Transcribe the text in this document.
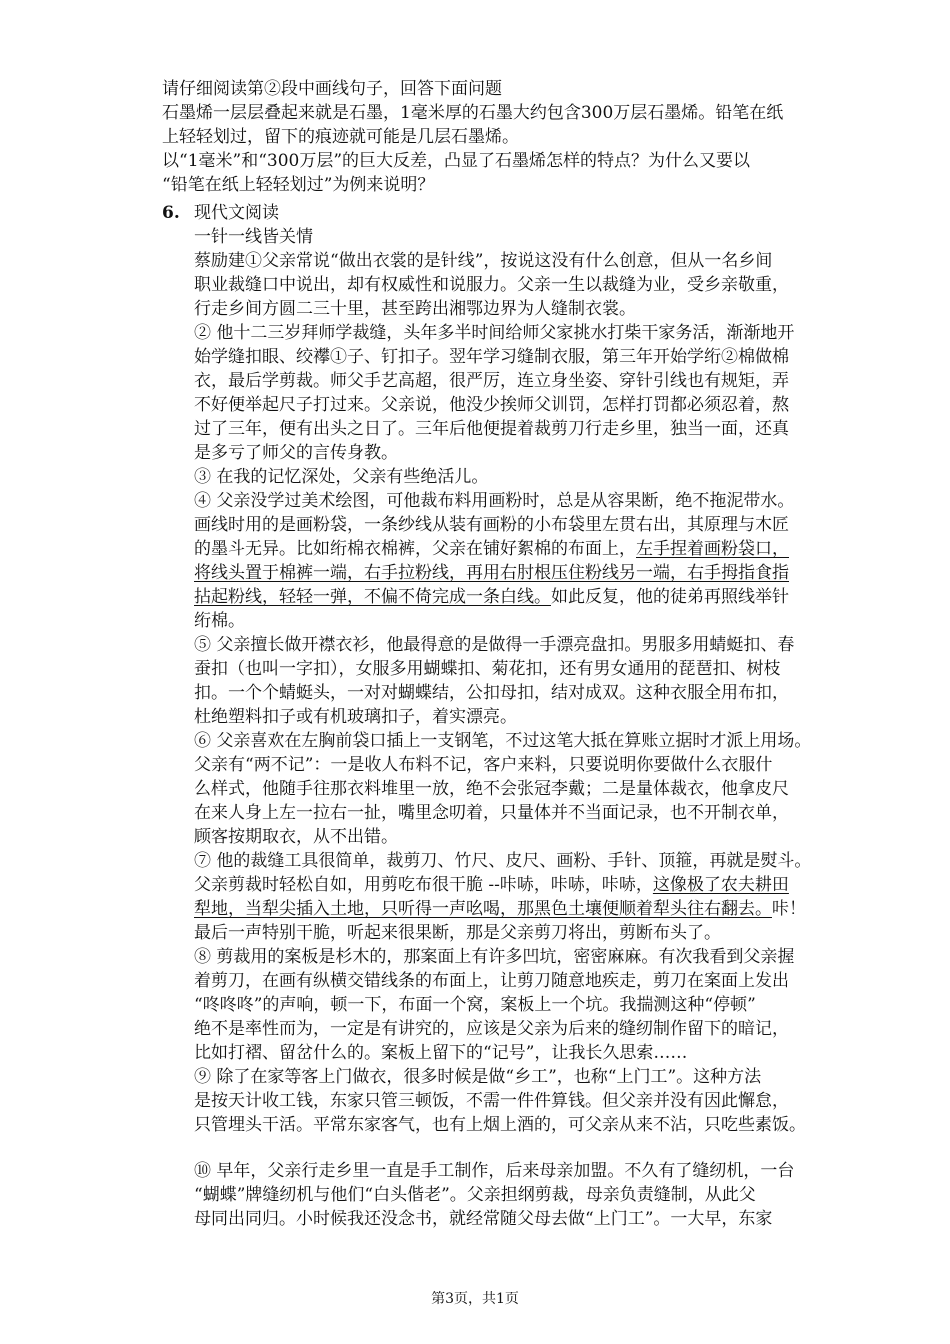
请仔细阅读第②段中画线句子，回答下面问题
石墨烯一层层叠起来就是石墨，1毫米厚的石墨大约包含300万层石墨烯。铅笔在纸
上轻轻划过，留下的痕迹就可能是几层石墨烯。
以“1毫米”和“300万层”的巨大反差，凸显了石墨烯怎样的特点？为什么又要以
“铅笔在纸上轻轻划过”为例来说明？
6. 现代文阅读
一针一线皆关情
蔡励建①父亲常说“做出衣裳的是针线”，按说这没有什么创意，但从一名乡间
职业裁缝口中说出，却有权威性和说服力。父亲一生以裁缝为业，受乡亲敬重，
行走乡间方圆二三十里，甚至跨出湘鄂边界为人缝制衣裳。
② 他十二三岁拜师学裁缝，头年多半时间给师父家挑水打柴干家务活，渐渐地开
始学缝扣眼、绞襻①子、钉扣子。翌年学习缝制衣服，第三年开始学绗②棉做棉
衣，最后学剪裁。师父手艺高超，很严厉，连立身坐姿、穿针引线也有规矩，弄
不好便举起尺子打过来。父亲说，他没少挨师父训罚，怎样打罚都必须忍着，熬
过了三年，便有出头之日了。三年后他便提着裁剪刀行走乡里，独当一面，还真
是多亏了师父的言传身教。
③ 在我的记忆深处，父亲有些绝活儿。
④ 父亲没学过美术绘图，可他裁布料用画粉时，总是从容果断，绝不拖泥带水。
画线时用的是画粉袋，一条纱线从装有画粉的小布袋里左贯右出，其原理与木匠
的墨斗无异。比如绗棉衣棉裤，父亲在铺好絮棉的布面上，左手捏着画粉袋口，
将线头置于棉裤一端，右手拉粉线，再用右肘根压住粉线另一端，右手拇指食指
拈起粉线，轻轻一弹，不偏不倚完成一条白线。如此反复，他的徒弟再照线举针
绗棉。
⑤ 父亲擅长做开襟衣衫，他最得意的是做得一手漂亮盘扣。男服多用蜻蜓扣、春
蚕扣（也叫一字扣），女服多用蝴蝶扣、菊花扣，还有男女通用的琵琶扣、树枝
扣。一个个蜻蜓头，一对对蝴蝶结，公扣母扣，结对成双。这种衣服全用布扣，
杜绝塑料扣子或有机玻璃扣子，着实漂亮。
⑥ 父亲喜欢在左胸前袋口插上一支钢笔，不过这笔大抵在算账立据时才派上用场。
父亲有“两不记”：一是收人布料不记，客户来料，只要说明你要做什么衣服什
么样式，他随手往那衣料堆里一放，绝不会张冠李戴；二是量体裁衣，他拿皮尺
在来人身上左一拉右一扯，嘴里念叨着，只量体并不当面记录，也不开制衣单，
顾客按期取衣，从不出错。
⑦ 他的裁缝工具很简单，裁剪刀、竹尺、皮尺、画粉、手针、顶箍，再就是熨斗。
父亲剪裁时轻松自如，用剪吃布很干脆 --咔哧，咔哧，咔哧，这像极了农夫耕田
犁地，当犁尖插入土地，只听得一声吆喝，那黑色土壤便顺着犁头往右翻去。咔！
最后一声特别干脆，听起来很果断，那是父亲剪刀将出，剪断布头了。
⑧ 剪裁用的案板是杉木的，那案面上有许多凹坑，密密麻麻。有次我看到父亲握
着剪刀，在画有纵横交错线条的布面上，让剪刀随意地疾走，剪刀在案面上发出
“咚咚咚”的声响，顿一下，布面一个窝，案板上一个坑。我揣测这种“停顿”
绝不是率性而为，一定是有讲究的，应该是父亲为后来的缝纫制作留下的暗记，
比如打褶、留岔什么的。案板上留下的“记号”，让我长久思索……
⑨ 除了在家等客上门做衣，很多时候是做“乡工”，也称“上门工”。这种方法
是按天计收工钱，东家只管三顿饭，不需一件件算钱。但父亲并没有因此懈怠，
只管埋头干活。平常东家客气，也有上烟上酒的，可父亲从来不沾，只吃些素饭。
⑩ 早年，父亲行走乡里一直是手工制作，后来母亲加盟。不久有了缝纫机，一台
“蝴蝶”牌缝纫机与他们“白头偕老”。父亲担纲剪裁，母亲负责缝制，从此父
母同出同归。小时候我还没念书，就经常随父母去做“上门工”。一大早，东家
第3页，共1页
